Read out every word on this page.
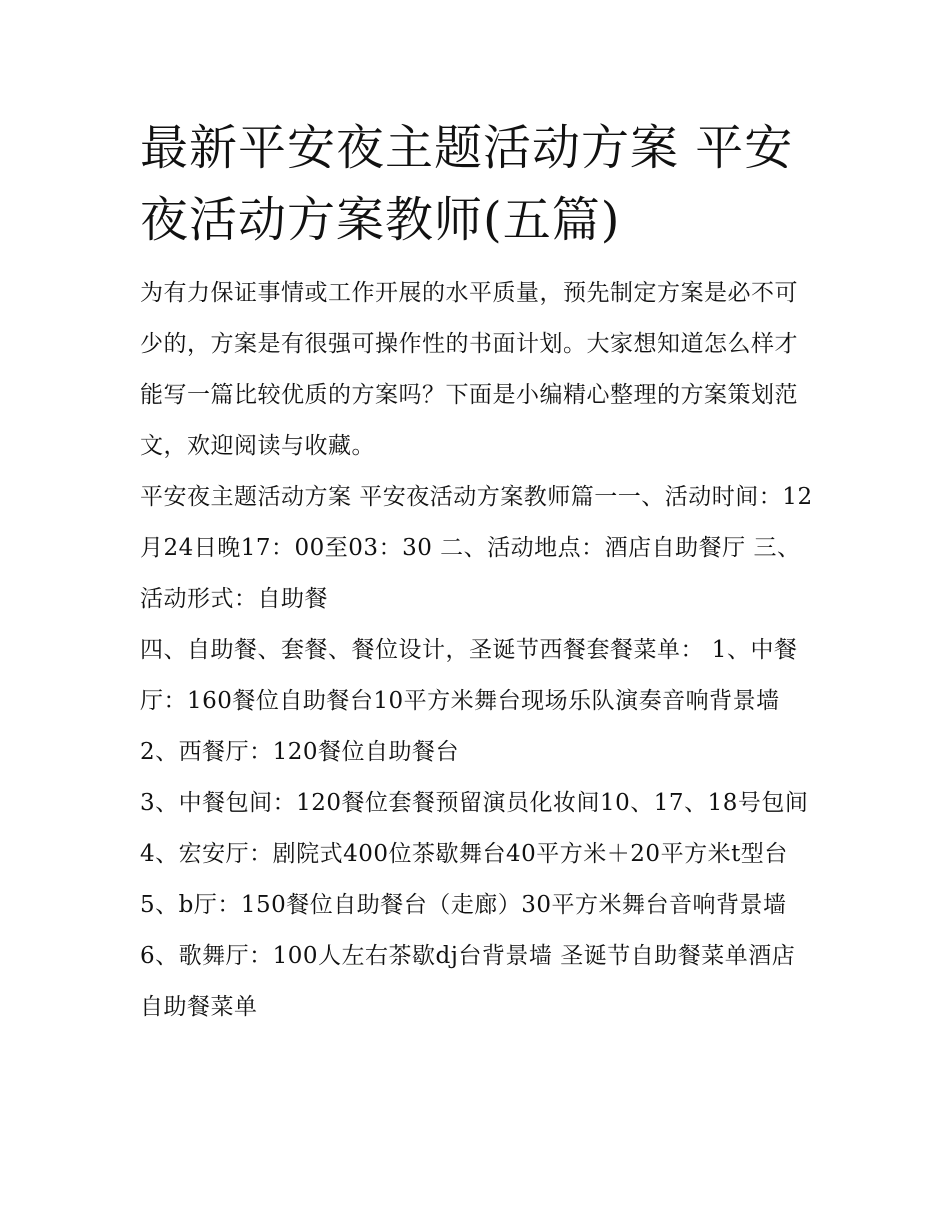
最新平安夜主题活动方案 平安夜活动方案教师(五篇)

为有力保证事情或工作开展的水平质量，预先制定方案是必不可少的，方案是有很强可操作性的书面计划。大家想知道怎么样才能写一篇比较优质的方案吗？下面是小编精心整理的方案策划范文，欢迎阅读与收藏。

平安夜主题活动方案 平安夜活动方案教师篇一一、活动时间：12月24日晚17：00至03：30 二、活动地点：酒店自助餐厅 三、活动形式：自助餐

四、自助餐、套餐、餐位设计，圣诞节西餐套餐菜单： 1、中餐厅：160餐位自助餐台10平方米舞台现场乐队演奏音响背景墙 2、西餐厅：120餐位自助餐台

3、中餐包间：120餐位套餐预留演员化妆间10、17、18号包间

4、宏安厅：剧院式400位茶歇舞台40平方米＋20平方米t型台

5、b厅：150餐位自助餐台（走廊）30平方米舞台音响背景墙

6、歌舞厅：100人左右茶歇dj台背景墙 圣诞节自助餐菜单酒店自助餐菜单
